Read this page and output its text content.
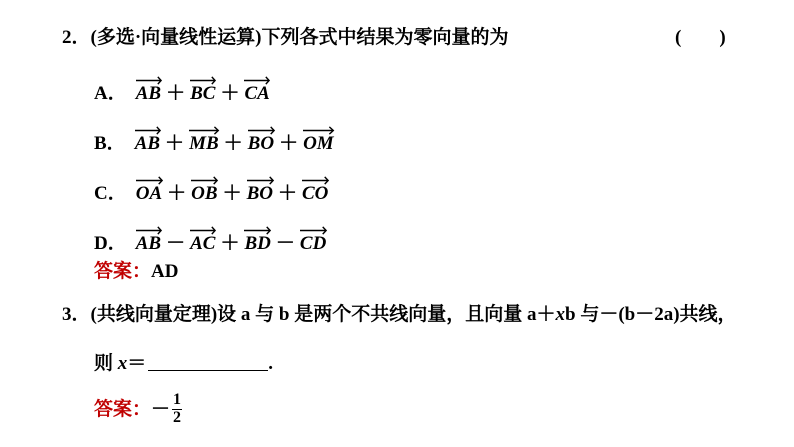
2．(多选·向量线性运算)下列各式中结果为零向量的为	(　　)
A． AB ＋ BC ＋ CA
B． AB ＋ MB ＋ BO ＋ OM
C． OA ＋ OB ＋ BO ＋ CO
D． AB － AC ＋ BD － CD
答案：AD
3．(共线向量定理)设 a 与 b 是两个不共线向量，且向量 a＋xb 与－(b－2a)共线，
则 x＝	.
答案：－ $\frac{1}{2}$
